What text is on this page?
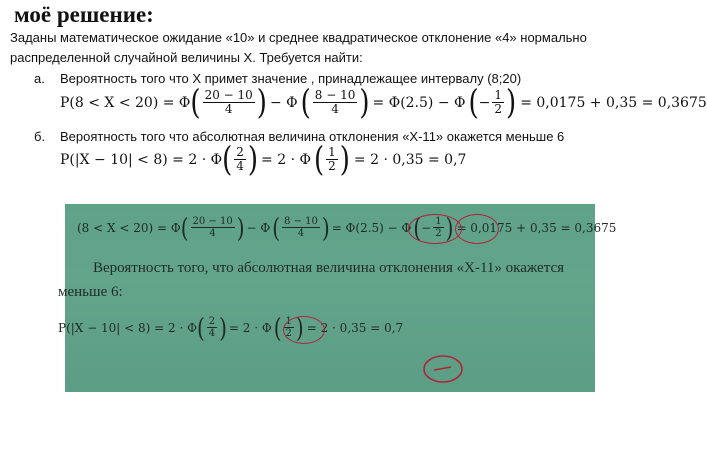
моё решение:
Заданы математическое ожидание «10» и среднее квадратическое отклонение «4» нормально распределенной случайной величины X. Требуется найти:
а. Вероятность того что X примет значение , принадлежащее интервалу (8;20)
P(8 < X < 20) = Φ ( $\frac{20 - 10}{4}$ ) − Φ ( $\frac{8 - 10}{4}$ ) = Φ(2.5) − Φ ( − $\frac{1}{2}$ ) = 0,0175 + 0,35 = 0,3675
б. Вероятность того что абсолютная величина отклонения «X-11» окажется меньше 6
P(|X − 10| < 8) = 2 · Φ ( $\frac{2}{4}$ ) = 2 · Φ ( $\frac{1}{2}$ ) = 2 · 0,35 = 0,7
(8 < X < 20) = Φ ( $\frac{20 - 10}{4}$ ) − Φ ( $\frac{8 - 10}{4}$ ) = Φ(2.5) − Φ ( − $\frac{1}{2}$ ) = 0,0175 + 0,35 = 0,3675
Вероятность того, что абсолютная величина отклонения «X-11» окажется
меньше 6:
P(|X − 10| < 8) = 2 · Φ ( $\frac{2}{4}$ ) = 2 · Φ ( $\frac{1}{2}$ ) = 2 · 0,35 = 0,7
